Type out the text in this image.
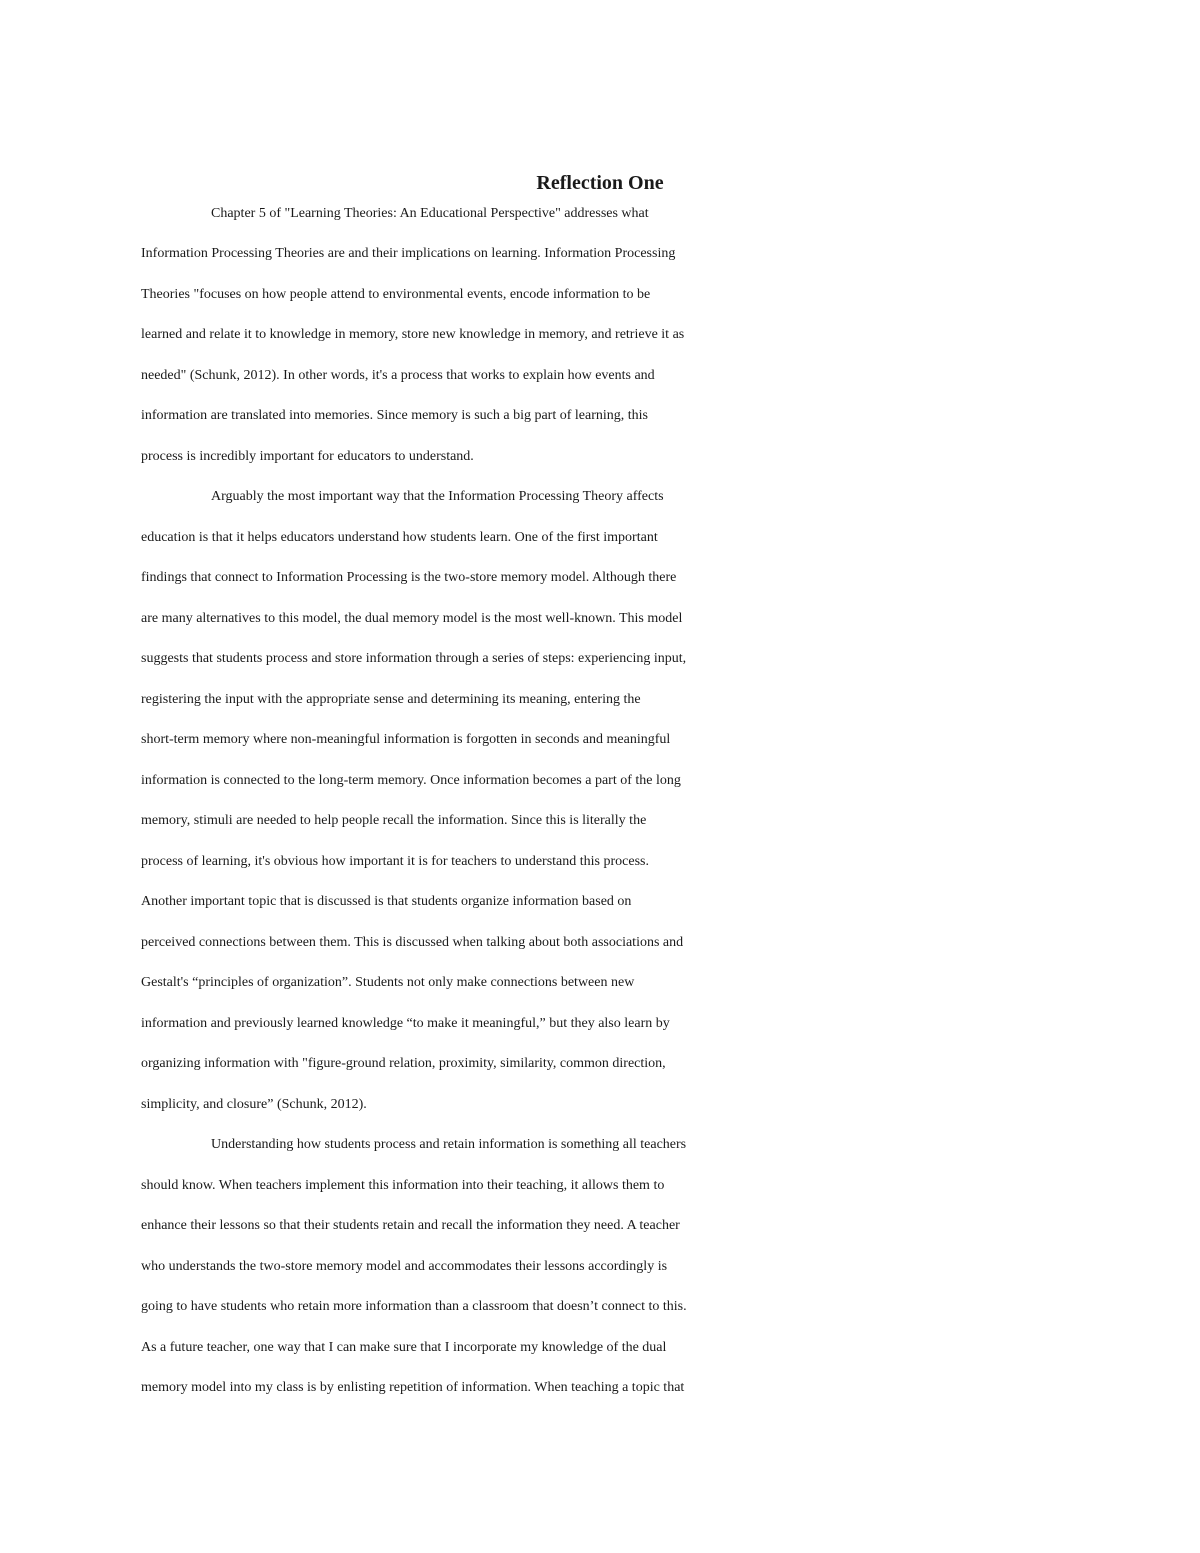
Reflection One

Chapter 5 of "Learning Theories: An Educational Perspective" addresses what

Information Processing Theories are and their implications on learning. Information Processing

Theories "focuses on how people attend to environmental events, encode information to be

learned and relate it to knowledge in memory, store new knowledge in memory, and retrieve it as

needed" (Schunk, 2012). In other words, it's a process that works to explain how events and

information are translated into memories. Since memory is such a big part of learning, this

process is incredibly important for educators to understand.

Arguably the most important way that the Information Processing Theory affects

education is that it helps educators understand how students learn. One of the first important

findings that connect to Information Processing is the two-store memory model. Although there

are many alternatives to this model, the dual memory model is the most well-known. This model

suggests that students process and store information through a series of steps: experiencing input,

registering the input with the appropriate sense and determining its meaning, entering the

short-term memory where non-meaningful information is forgotten in seconds and meaningful

information is connected to the long-term memory. Once information becomes a part of the long

memory, stimuli are needed to help people recall the information. Since this is literally the

process of learning, it's obvious how important it is for teachers to understand this process.

Another important topic that is discussed is that students organize information based on

perceived connections between them. This is discussed when talking about both associations and

Gestalt's “principles of organization”. Students not only make connections between new

information and previously learned knowledge “to make it meaningful,” but they also learn by

organizing information with "figure-ground relation, proximity, similarity, common direction,

simplicity, and closure” (Schunk, 2012).

Understanding how students process and retain information is something all teachers

should know. When teachers implement this information into their teaching, it allows them to

enhance their lessons so that their students retain and recall the information they need. A teacher

who understands the two-store memory model and accommodates their lessons accordingly is

going to have students who retain more information than a classroom that doesn’t connect to this.

As a future teacher, one way that I can make sure that I incorporate my knowledge of the dual

memory model into my class is by enlisting repetition of information. When teaching a topic that
